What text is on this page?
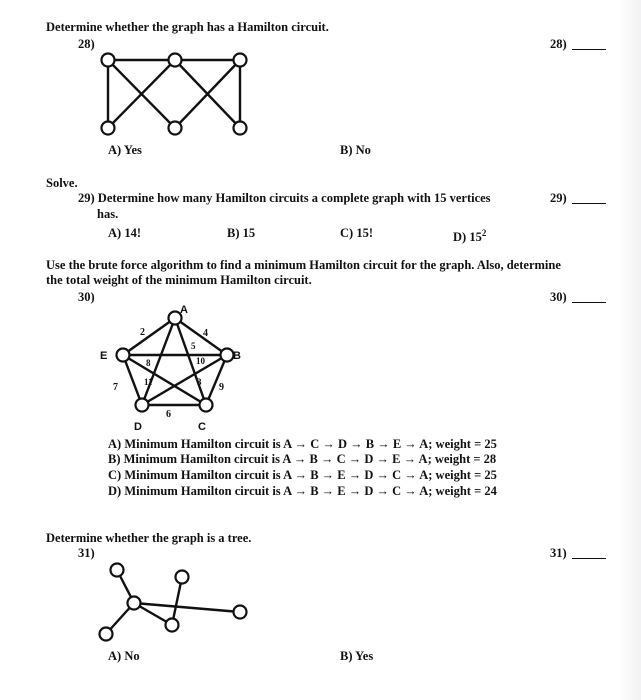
Determine whether the graph has a Hamilton circuit.
28)	28)
A) Yes	B) No
Solve.
29) Determine how many Hamilton circuits a complete graph with 15 vertices	29)
has.
A) 14!	B) 15	C) 15!	D) $15^2$
Use the brute force algorithm to find a minimum Hamilton circuit for the graph. Also, determine
the total weight of the minimum Hamilton circuit.
30)	30)
A
B
C
D
E
2	4
5
10
8
7	11	3 9
6
A) Minimum Hamilton circuit is A → C → D → B → E → A; weight = 25
B) Minimum Hamilton circuit is A → B → C → D → E → A; weight = 28
C) Minimum Hamilton circuit is A → B → E → D → C → A; weight = 25
D) Minimum Hamilton circuit is A → B → E → D → C → A; weight = 24
Determine whether the graph is a tree.
31)	31)
A) No	B) Yes
